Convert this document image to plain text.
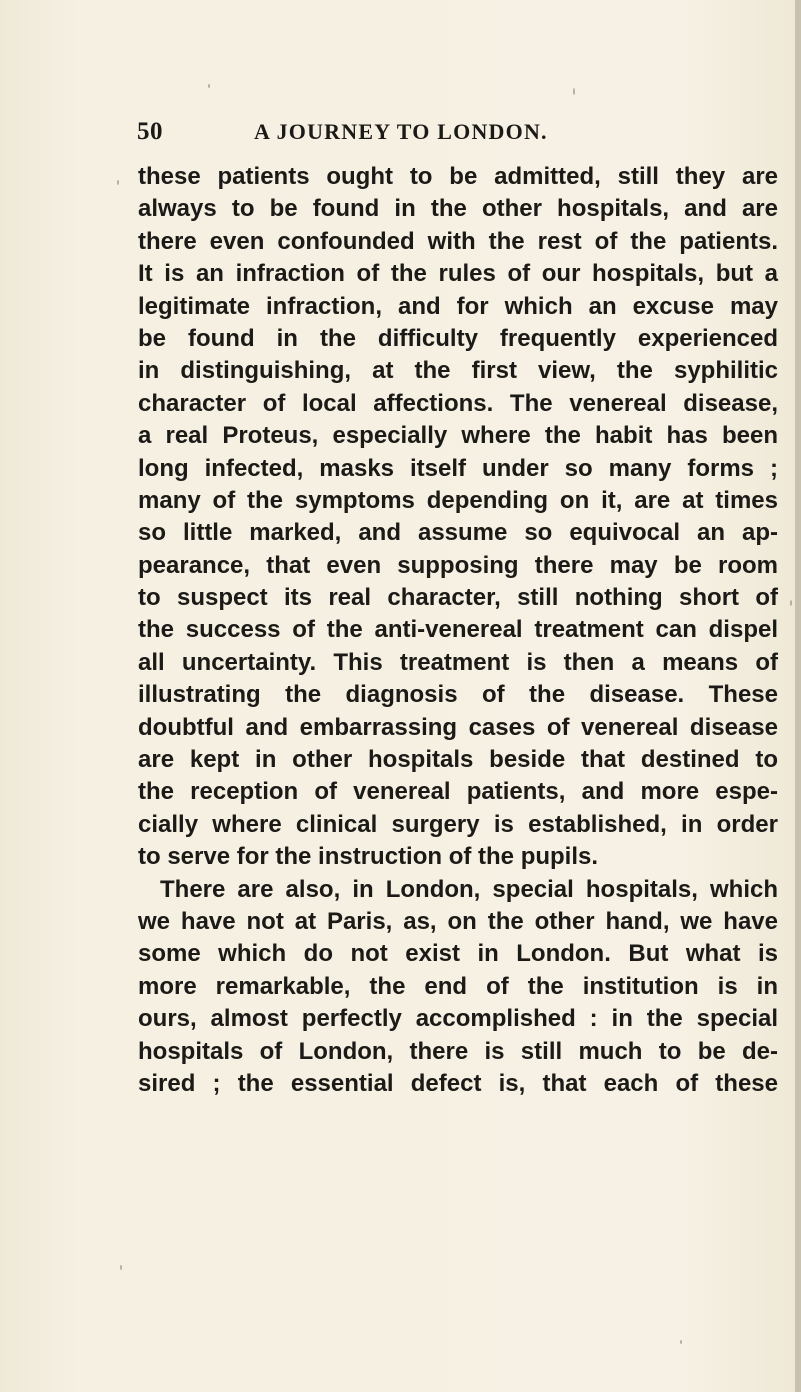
50	A JOURNEY TO LONDON.
these patients ought to be admitted, still they are
always to be found in the other hospitals, and are
there even confounded with the rest of the patients.
It is an infraction of the rules of our hospitals, but a
legitimate infraction, and for which an excuse may
be found in the difficulty frequently experienced
in distinguishing, at the first view, the syphilitic
character of local affections. The venereal disease,
a real Proteus, especially where the habit has been
long infected, masks itself under so many forms ;
many of the symptoms depending on it, are at times
so little marked, and assume so equivocal an ap-
pearance, that even supposing there may be room
to suspect its real character, still nothing short of
the success of the anti-venereal treatment can dispel
all uncertainty. This treatment is then a means of
illustrating the diagnosis of the disease. These
doubtful and embarrassing cases of venereal disease
are kept in other hospitals beside that destined to
the reception of venereal patients, and more espe-
cially where clinical surgery is established, in order
to serve for the instruction of the pupils.
There are also, in London, special hospitals, which
we have not at Paris, as, on the other hand, we have
some which do not exist in London. But what is
more remarkable, the end of the institution is in
ours, almost perfectly accomplished : in the special
hospitals of London, there is still much to be de-
sired ; the essential defect is, that each of these
